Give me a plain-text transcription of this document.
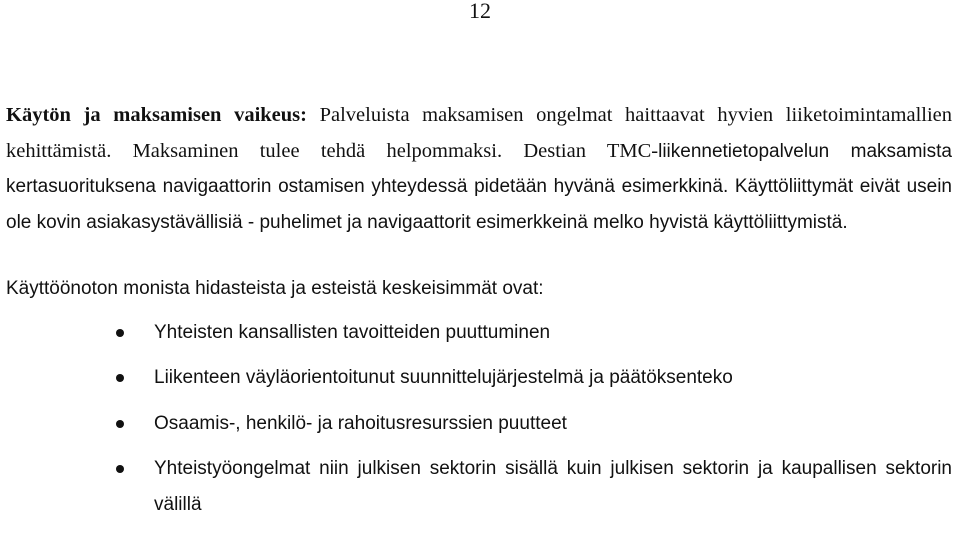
12

Käytön ja maksamisen vaikeus: Palveluista maksamisen ongelmat haittaavat hyvien liiketoimintamallien kehittämistä. Maksaminen tulee tehdä helpommaksi. Destian TMC-liikennetietopalvelun maksamista kertasuorituksena navigaattorin ostamisen yhteydessä pidetään hyvänä esimerkkinä. Käyttöliittymät eivät usein ole kovin asiakasystävällisiä - puhelimet ja navigaattorit esimerkkeinä melko hyvistä käyttöliittymistä.

Käyttöönoton monista hidasteista ja esteistä keskeisimmät ovat:

Yhteisten kansallisten tavoitteiden puuttuminen
Liikenteen väyläorientoitunut suunnittelujärjestelmä ja päätöksenteko
Osaamis-, henkilö- ja rahoitusresurssien puutteet
Yhteistyöongelmat niin julkisen sektorin sisällä kuin julkisen sektorin ja kaupallisen sektorin välillä
